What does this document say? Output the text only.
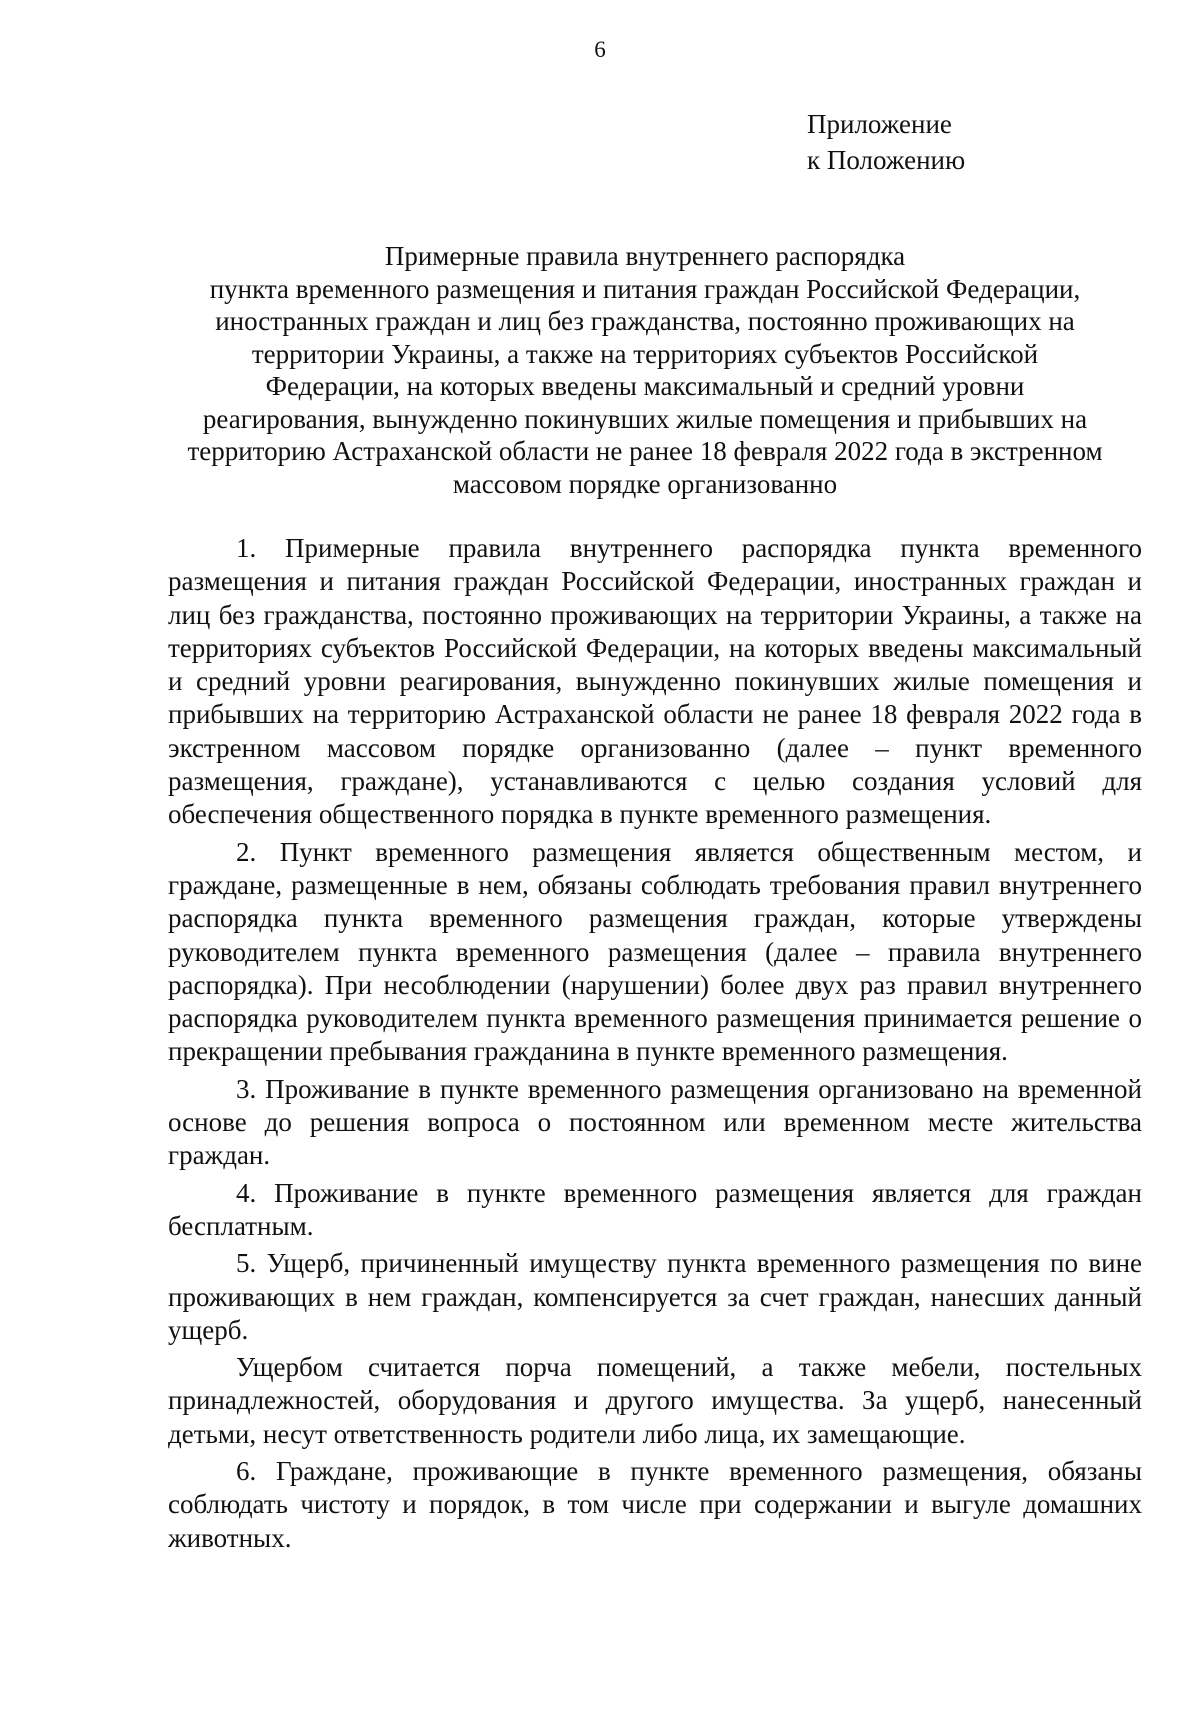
6
Приложение
к Положению
Примерные правила внутреннего распорядка
пункта временного размещения и питания граждан Российской Федерации,
иностранных граждан и лиц без гражданства, постоянно проживающих на
территории Украины, а также на территориях субъектов Российской
Федерации, на которых введены максимальный и средний уровни
реагирования, вынужденно покинувших жилые помещения и прибывших на
территорию Астраханской области не ранее 18 февраля 2022 года в экстренном
массовом порядке организованно

1. Примерные правила внутреннего распорядка пункта временного размещения и питания граждан Российской Федерации, иностранных граждан и лиц без гражданства, постоянно проживающих на территории Украины, а также на территориях субъектов Российской Федерации, на которых введены максимальный и средний уровни реагирования, вынужденно покинувших жилые помещения и прибывших на территорию Астраханской области не ранее 18 февраля 2022 года в экстренном массовом порядке организованно (далее – пункт временного размещения, граждане), устанавливаются с целью создания условий для обеспечения общественного порядка в пункте временного размещения.

2. Пункт временного размещения является общественным местом, и граждане, размещенные в нем, обязаны соблюдать требования правил внутреннего распорядка пункта временного размещения граждан, которые утверждены руководителем пункта временного размещения (далее – правила внутреннего распорядка). При несоблюдении (нарушении) более двух раз правил внутреннего распорядка руководителем пункта временного размещения принимается решение о прекращении пребывания гражданина в пункте временного размещения.

3. Проживание в пункте временного размещения организовано на временной основе до решения вопроса о постоянном или временном месте жительства граждан.

4. Проживание в пункте временного размещения является для граждан бесплатным.

5. Ущерб, причиненный имуществу пункта временного размещения по вине проживающих в нем граждан, компенсируется за счет граждан, нанесших данный ущерб.

Ущербом считается порча помещений, а также мебели, постельных принадлежностей, оборудования и другого имущества. За ущерб, нанесенный детьми, несут ответственность родители либо лица, их замещающие.

6. Граждане, проживающие в пункте временного размещения, обязаны соблюдать чистоту и порядок, в том числе при содержании и выгуле домашних животных.
